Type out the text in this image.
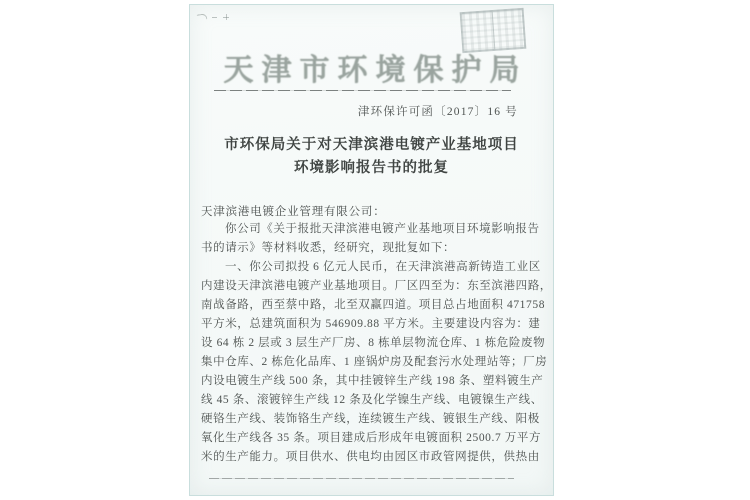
天津市环境保护局
津环保许可函〔2017〕16 号
市环保局关于对天津滨港电镀产业基地项目
环境影响报告书的批复
天津滨港电镀企业管理有限公司：
你公司《关于报批天津滨港电镀产业基地项目环境影响报告
书的请示》等材料收悉，经研究，现批复如下：
一、你公司拟投 6 亿元人民币，在天津滨港高新铸造工业区
内建设天津滨港电镀产业基地项目。厂区四至为：东至滨港四路，
南战备路，西至蔡中路，北至双赢四道。项目总占地面积 471758
平方米，总建筑面积为 546909.88 平方米。主要建设内容为：建
设 64 栋 2 层或 3 层生产厂房、8 栋单层物流仓库、1 栋危险废物
集中仓库、2 栋危化品库、1 座锅炉房及配套污水处理站等；厂房
内设电镀生产线 500 条，其中挂镀锌生产线 198 条、塑料镀生产
线 45 条、滚镀锌生产线 12 条及化学镍生产线、电镀镍生产线、
硬铬生产线、装饰铬生产线，连续镀生产线、镀银生产线、阳极
氧化生产线各 35 条。项目建成后形成年电镀面积 2500.7 万平方
米的生产能力。项目供水、供电均由园区市政管网提供，供热由
